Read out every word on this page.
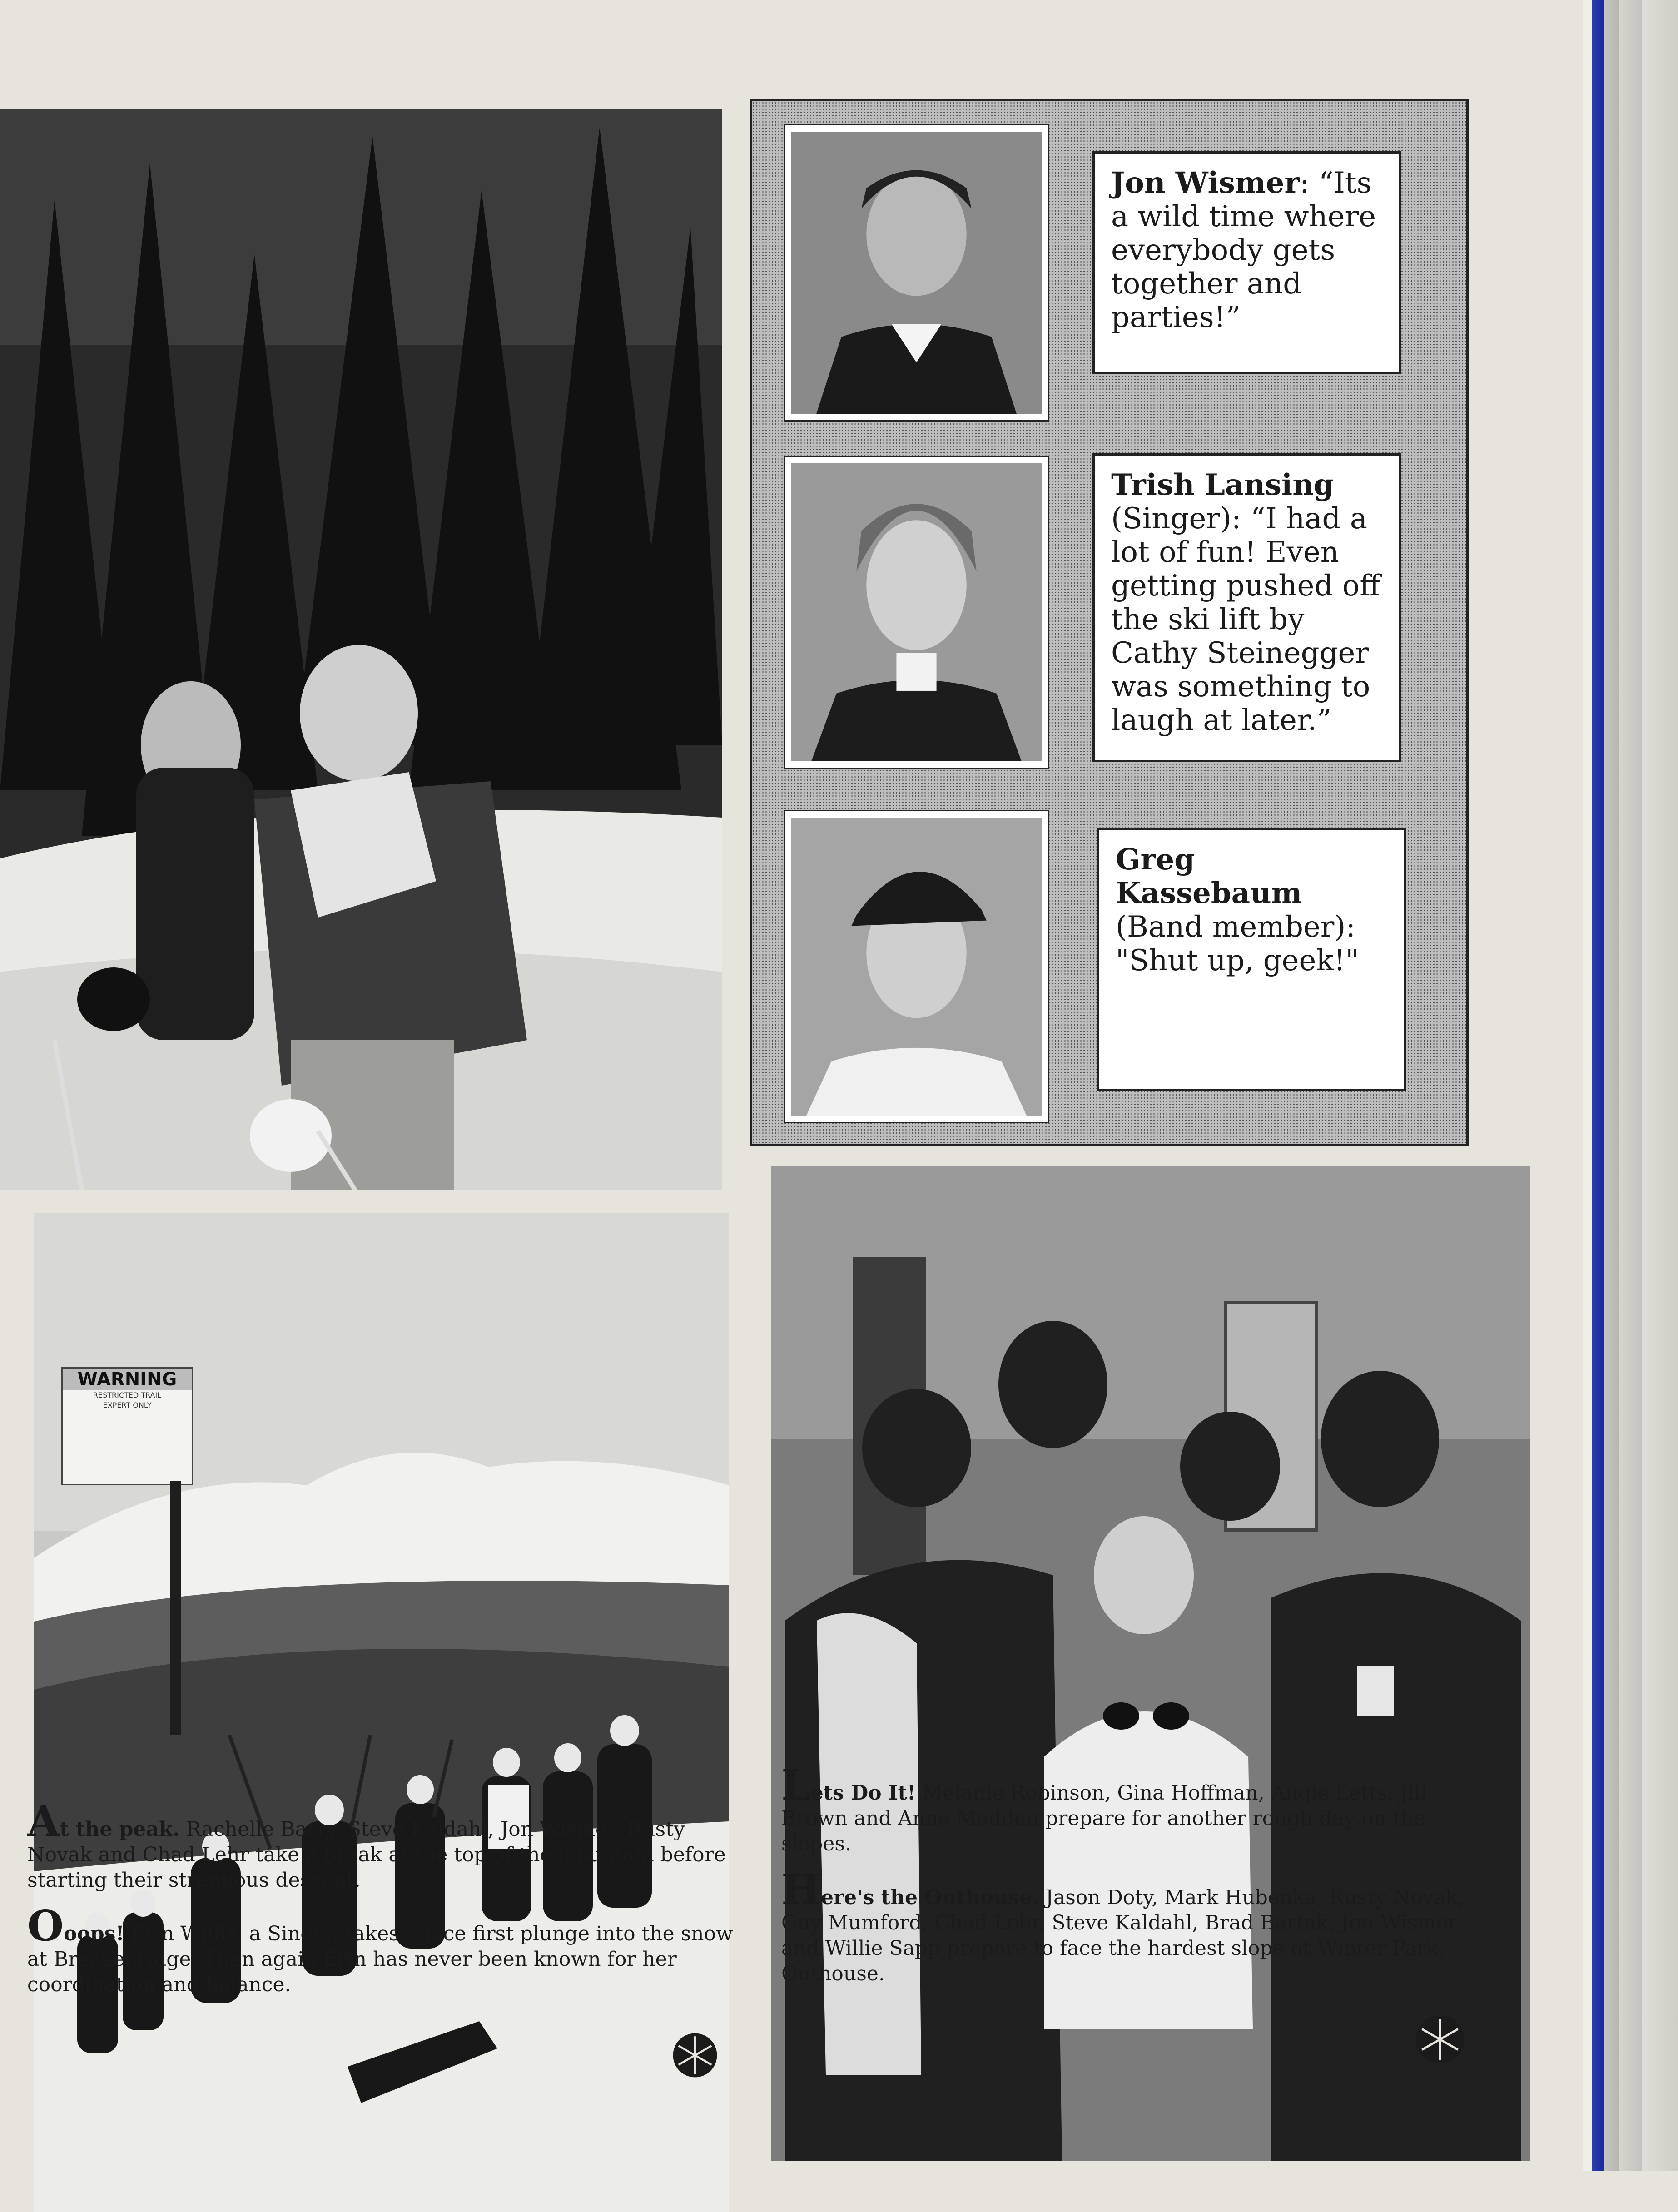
Jon Wismer: “Its a wild time where everybody gets together and parties!”
Trish Lansing (Singer): “I had a lot of fun! Even getting pushed off the ski lift by Cathy Steinegger was something to laugh at later.”
Greg Kassebaum (Band member): "Shut up, geek!"
WARNING
RESTRICTED TRAIL
EXPERT ONLY

At the peak. Rachelle Barry, Steve Kaldahl, Jon Wismer, Rusty Novak and Chad Lehr take a break at the top of the mountain before starting their strenuous descent.

Ooops! Erin Willis, a Singer, takes a face first plunge into the snow at Breckenridge. Then again Erin has never been known for her coordination and balance.

Lets Do It! Melanie Robinson, Gina Hoffman, Angie Letts, Jill Brown and Anne Madden prepare for another rough day on the slopes.

Here's the Outhouse. Jason Doty, Mark Hubenka, Rusty Novak, Guy Mumford, Chad Lehr, Steve Kaldahl, Brad Bartak, Jon Wismer and Willie Sapp prepare to face the hardest slope at Winter Park, Outhouse.
